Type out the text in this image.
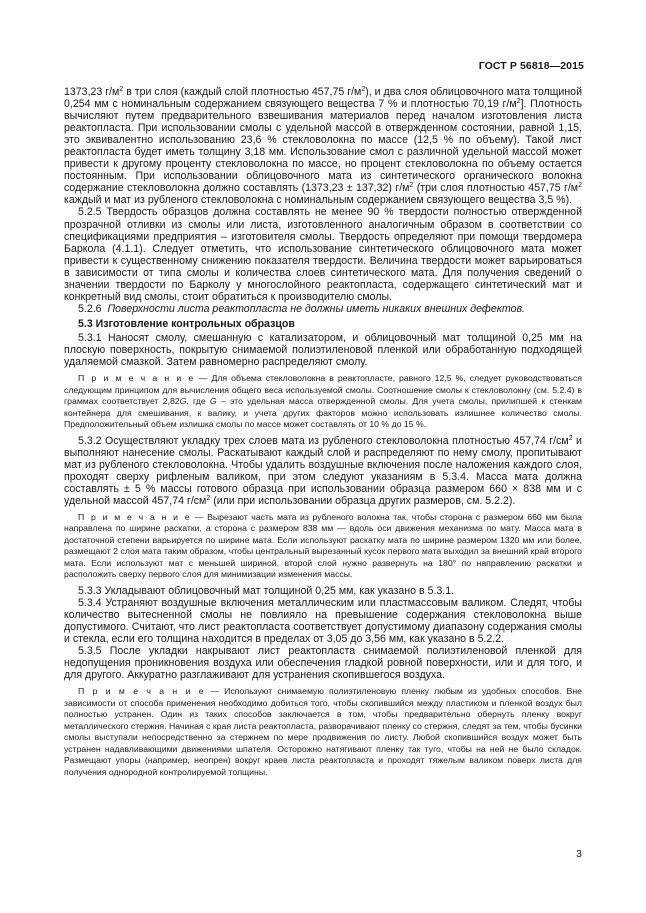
ГОСТ Р 56818—2015

1373,23 $г/м^2$ в три слоя (каждый слой плотностью 457,75 $г/м^2$), и два слоя облицовочного мата толщиной 0,254 мм с номинальным содержанием связующего вещества 7 % и плотностью 70,19 $г/м^2$]. Плотность вычисляют путем предварительного взвешивания материалов перед началом изготовления листа реактопласта. При использовании смолы с удельной массой в отвержденном состоянии, равной 1,15, это эквивалентно использованию 23,6 % стекловолокна по массе (12,5 % по объему). Такой лист реактопласта будет иметь толщину 3,18 мм. Использование смол с различной удельной массой может привести к другому проценту стекловолокна по массе, но процент стекловолокна по объему остается постоянным. При использовании облицовочного мата из синтетического органического волокна содержание стекловолокна должно составлять (1373,23 ± 137,32) $г/м^2$ (три слоя плотностью 457,75 $г/м^2$ каждый и мат из рубленого стекловолокна с номинальным содержанием связующего вещества 3,5 %).

5.2.5 Твердость образцов должна составлять не менее 90 % твердости полностью отвержденной прозрачной отливки из смолы или листа, изготовленного аналогичным образом в соответствии со спецификациями предприятия – изготовителя смолы. Твердость определяют при помощи твердомера Баркола (4.1.1). Следует отметить, что использование синтетического облицовочного мата может привести к существенному снижению показателя твердости. Величина твердости может варьироваться в зависимости от типа смолы и количества слоев синтетического мата. Для получения сведений о значении твердости по Барколу у многослойного реактопласта, содержащего синтетический мат и конкретный вид смолы, стоит обратиться к производителю смолы.

5.2.6 Поверхности листа реактопласта не должны иметь никаких внешних дефектов.

5.3 Изготовление контрольных образцов

5.3.1 Наносят смолу, смешанную с катализатором, и облицовочный мат толщиной 0,25 мм на плоскую поверхность, покрытую снимаемой полиэтиленовой пленкой или обработанную подходящей удаляемой смазкой. Затем равномерно распределяют смолу.

П р и м е ч а н и е — Для объема стекловолокна в реактопласте, равного 12,5 %, следует руководствоваться следующим принципом для вычисления общего веса используемой смолы. Соотношение смолы к стекловолокну (см. 5.2.4) в граммах соответствует 2,82G, где G – это удельная масса отвержденной смолы. Для учета смолы, прилипшей к стенкам контейнера для смешивания, к валику, и учета других факторов можно использовать излишнее количество смолы. Предположительный объем излишка смолы по массе может составлять от 10 % до 15 %.

5.3.2 Осуществляют укладку трех слоев мата из рубленого стекловолокна плотностью 457,74 $г/см^2$ и выполняют нанесение смолы. Раскатывают каждый слой и распределяют по нему смолу, пропитывают мат из рубленого стекловолокна. Чтобы удалить воздушные включения после наложения каждого слоя, проходят сверху рифленым валиком, при этом следуют указаниям в 5.3.4. Масса мата должна составлять ± 5 % массы готового образца при использовании образца размером 660 × 838 мм и с удельной массой 457,74 $г/см^2$ (или при использовании образца других размеров, см. 5.2.2).

П р и м е ч а н и е — Вырезают часть мата из рубленого волокна так, чтобы сторона с размером 660 мм была направлена по ширине раскатки, а сторона с размером 838 мм — вдоль оси движения механизма по мату. Масса мата в достаточной степени варьируется по ширине мата. Если используют раскатку мата по ширине размером 1320 мм или более, размещают 2 слоя мата таким образом, чтобы центральный вырезанный кусок первого мата выходил за внешний край второго мата. Если используют мат с меньшей шириной, второй слой нужно развернуть на 180° по направлению раскатки и расположить сверху первого слоя для минимизации изменения массы.

5.3.3 Укладывают облицовочный мат толщиной 0,25 мм, как указано в 5.3.1.

5.3.4 Устраняют воздушные включения металлическим или пластмассовым валиком. Следят, чтобы количество вытесненной смолы не повлияло на превышение содержания стекловолокна выше допустимого. Считают, что лист реактопласта соответствует допустимому диапазону содержания смолы и стекла, если его толщина находится в пределах от 3,05 до 3,56 мм, как указано в 5.2.2.

5.3.5 После укладки накрывают лист реактопласта снимаемой полиэтиленовой пленкой для недопущения проникновения воздуха или обеспечения гладкой ровной поверхности, или и для того, и для другого. Аккуратно разглаживают для устранения скопившегося воздуха.

П р и м е ч а н и е — Используют снимаемую полиэтиленовую пленку любым из удобных способов. Вне зависимости от способа применения необходимо добиться того, чтобы скопившийся между пластиком и пленкой воздух был полностью устранен. Один из таких способов заключается в том, чтобы предварительно обернуть пленку вокруг металлического стержня. Начиная с края листа реактопласта, разворачивают пленку со стержня, следят за тем, чтобы бусинки смолы выступали непосредственно за стержнем по мере продвижения по листу. Любой скопившийся воздух может быть устранен надавливающими движениями шпателя. Осторожно натягивают пленку так туго, чтобы на ней не было складок. Размещают упоры (например, неопрен) вокруг краев листа реактопласта и проходят тяжелым валиком поверх листа для получения однородной контролируемой толщины.

3
